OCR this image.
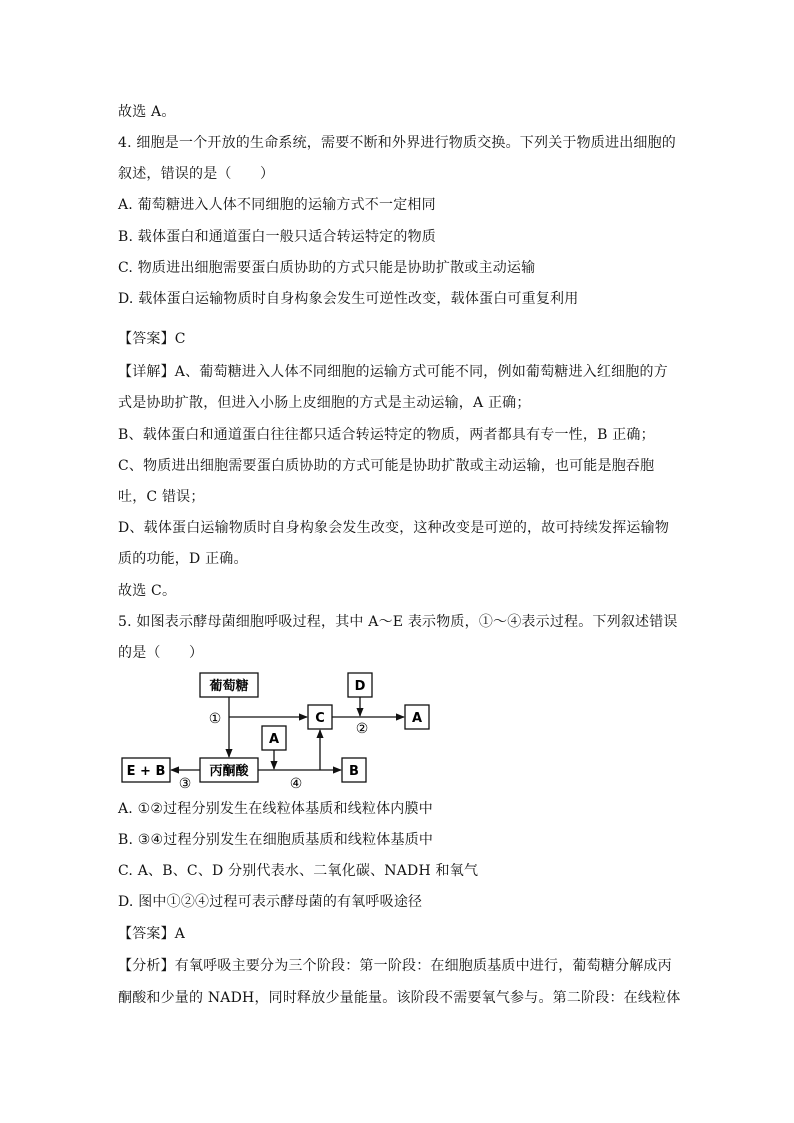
故选 A。
4. 细胞是一个开放的生命系统，需要不断和外界进行物质交换。下列关于物质进出细胞的
叙述，错误的是（　　）
A. 葡萄糖进入人体不同细胞的运输方式不一定相同
B. 载体蛋白和通道蛋白一般只适合转运特定的物质
C. 物质进出细胞需要蛋白质协助的方式只能是协助扩散或主动运输
D. 载体蛋白运输物质时自身构象会发生可逆性改变，载体蛋白可重复利用
【答案】C
【详解】A、葡萄糖进入人体不同细胞的运输方式可能不同，例如葡萄糖进入红细胞的方
式是协助扩散，但进入小肠上皮细胞的方式是主动运输，A 正确；
B、载体蛋白和通道蛋白往往都只适合转运特定的物质，两者都具有专一性，B 正确；
C、物质进出细胞需要蛋白质协助的方式可能是协助扩散或主动运输，也可能是胞吞胞
吐，C 错误；
D、载体蛋白运输物质时自身构象会发生改变，这种改变是可逆的，故可持续发挥运输物
质的功能，D 正确。
故选 C。
5. 如图表示酵母菌细胞呼吸过程，其中 A～E 表示物质，①～④表示过程。下列叙述错误
的是（　　）
葡萄糖	D
C	A
A
丙酮酸
E + B	B
①
②
③	④
A. ①②过程分别发生在线粒体基质和线粒体内膜中
B. ③④过程分别发生在细胞质基质和线粒体基质中
C. A、B、C、D 分别代表水、二氧化碳、NADH 和氧气
D. 图中①②④过程可表示酵母菌的有氧呼吸途径
【答案】A
【分析】有氧呼吸主要分为三个阶段：第一阶段：在细胞质基质中进行，葡萄糖分解成丙
酮酸和少量的 NADH，同时释放少量能量。该阶段不需要氧气参与。第二阶段：在线粒体
